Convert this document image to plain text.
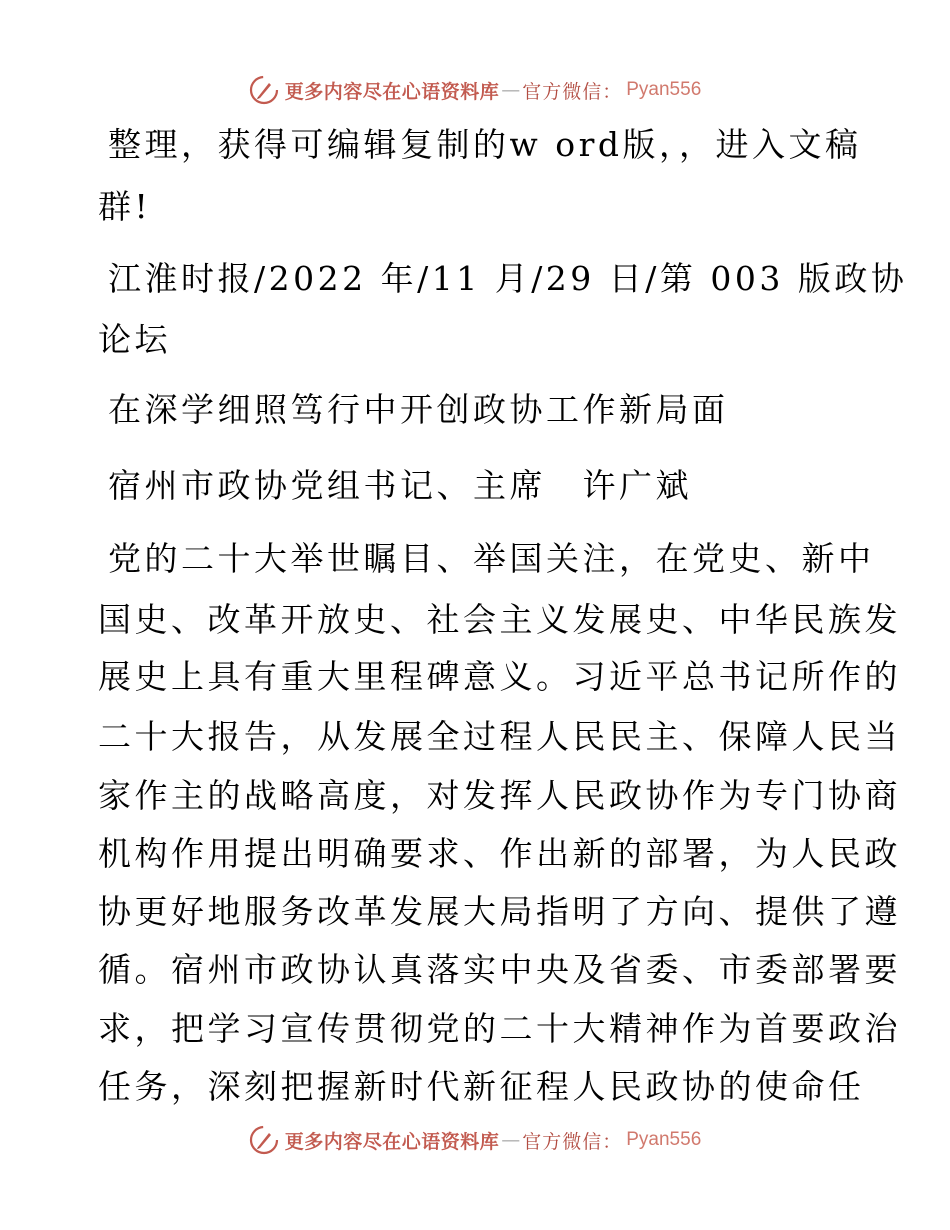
更多内容尽在心语资料库 — 官方微信： Pyan556
整理，获得可编辑复制的w ord版，，进入文稿
群!
江淮时报/2022 年/11 月/29 日/第 003 版政协
论坛
在深学细照笃行中开创政协工作新局面
宿州市政协党组书记、主席　许广斌
党的二十大举世瞩目、举国关注，在党史、新中
国史、改革开放史、社会主义发展史、中华民族发
展史上具有重大里程碑意义。习近平总书记所作的
二十大报告，从发展全过程人民民主、保障人民当
家作主的战略高度，对发挥人民政协作为专门协商
机构作用提出明确要求、作出新的部署，为人民政
协更好地服务改革发展大局指明了方向、提供了遵
循。宿州市政协认真落实中央及省委、市委部署要
求，把学习宣传贯彻党的二十大精神作为首要政治
任务，深刻把握新时代新征程人民政协的使命任
更多内容尽在心语资料库 — 官方微信： Pyan556
